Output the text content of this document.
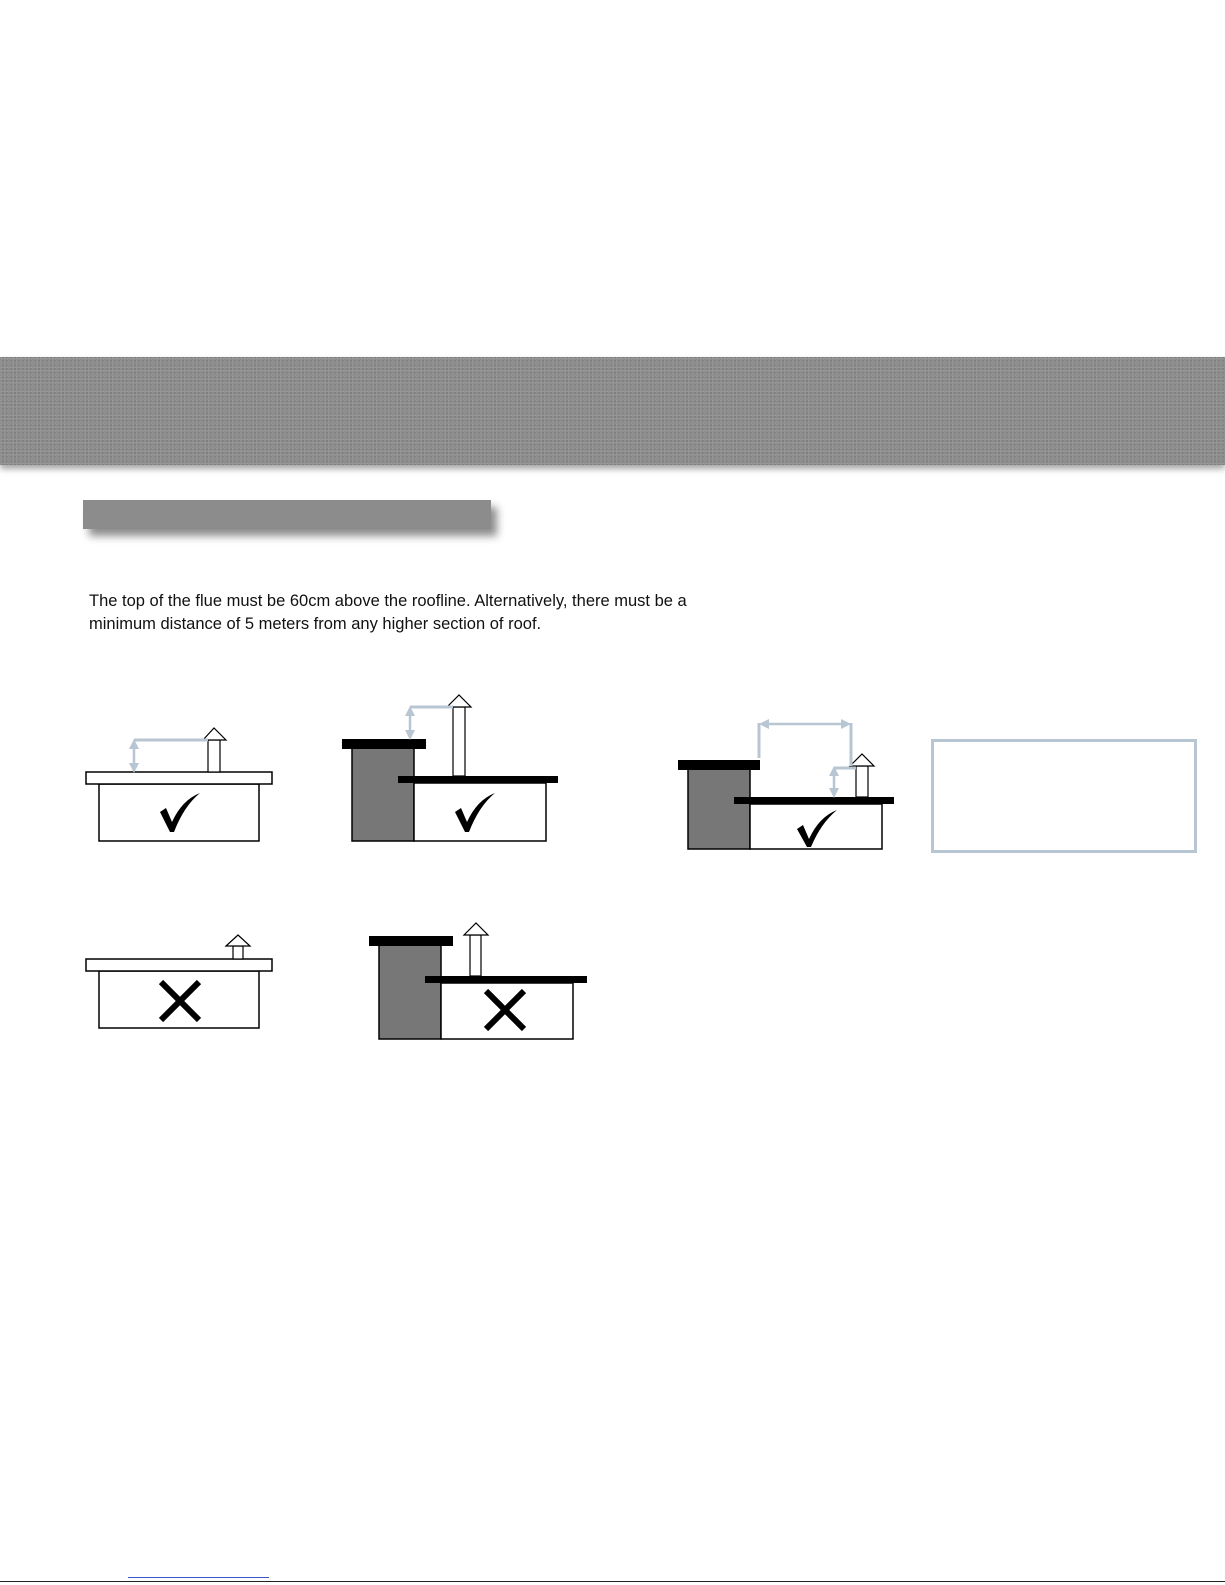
The top of the flue must be 60cm above the roofline. Alternatively, there must be a
minimum distance of 5 meters from any higher section of roof.
